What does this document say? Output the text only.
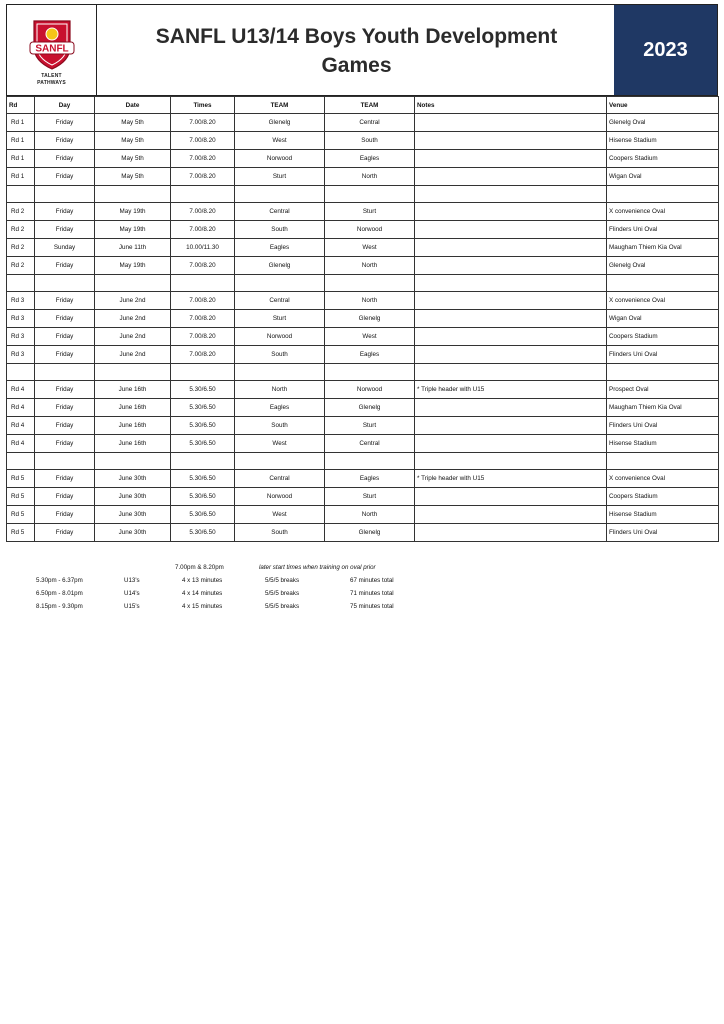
SANFL
TALENT
PATHWAYS
SANFL U13/14 Boys Youth Development
Games
2023
Rd	Day	Date	Times	TEAM	TEAM	Notes	Venue
Rd 1	Friday	May 5th	7.00/8.20	Glenelg	Central		Glenelg Oval
Rd 1	Friday	May 5th	7.00/8.20	West	South		Hisense Stadium
Rd 1	Friday	May 5th	7.00/8.20	Norwood	Eagles		Coopers Stadium
Rd 1	Friday	May 5th	7.00/8.20	Sturt	North		Wigan Oval

Rd 2	Friday	May 19th	7.00/8.20	Central	Sturt		X convenience Oval
Rd 2	Friday	May 19th	7.00/8.20	South	Norwood		Flinders Uni Oval
Rd 2	Sunday	June 11th	10.00/11.30	Eagles	West		Maugham Thiem Kia Oval
Rd 2	Friday	May 19th	7.00/8.20	Glenelg	North		Glenelg Oval

Rd 3	Friday	June 2nd	7.00/8.20	Central	North		X convenience Oval
Rd 3	Friday	June 2nd	7.00/8.20	Sturt	Glenelg		Wigan Oval
Rd 3	Friday	June 2nd	7.00/8.20	Norwood	West		Coopers Stadium
Rd 3	Friday	June 2nd	7.00/8.20	South	Eagles		Flinders Uni Oval

Rd 4	Friday	June 16th	5.30/6.50	North	Norwood	* Triple header with U15	Prospect Oval
Rd 4	Friday	June 16th	5.30/6.50	Eagles	Glenelg		Maugham Thiem Kia Oval
Rd 4	Friday	June 16th	5.30/6.50	South	Sturt		Flinders Uni Oval
Rd 4	Friday	June 16th	5.30/6.50	West	Central		Hisense Stadium

Rd 5	Friday	June 30th	5.30/6.50	Central	Eagles	* Triple header with U15	X convenience Oval
Rd 5	Friday	June 30th	5.30/6.50	Norwood	Sturt		Coopers Stadium
Rd 5	Friday	June 30th	5.30/6.50	West	North		Hisense Stadium
Rd 5	Friday	June 30th	5.30/6.50	South	Glenelg		Flinders Uni Oval
7.00pm & 8.20pm	later start times when training on oval prior
5.30pm - 6.37pm	U13's	4 x 13 minutes	5/5/5 breaks	67 minutes total
6.50pm - 8.01pm	U14's	4 x 14 minutes	5/5/5 breaks	71 minutes total
8.15pm - 9.30pm	U15's	4 x 15 minutes	5/5/5 breaks	75 minutes total
